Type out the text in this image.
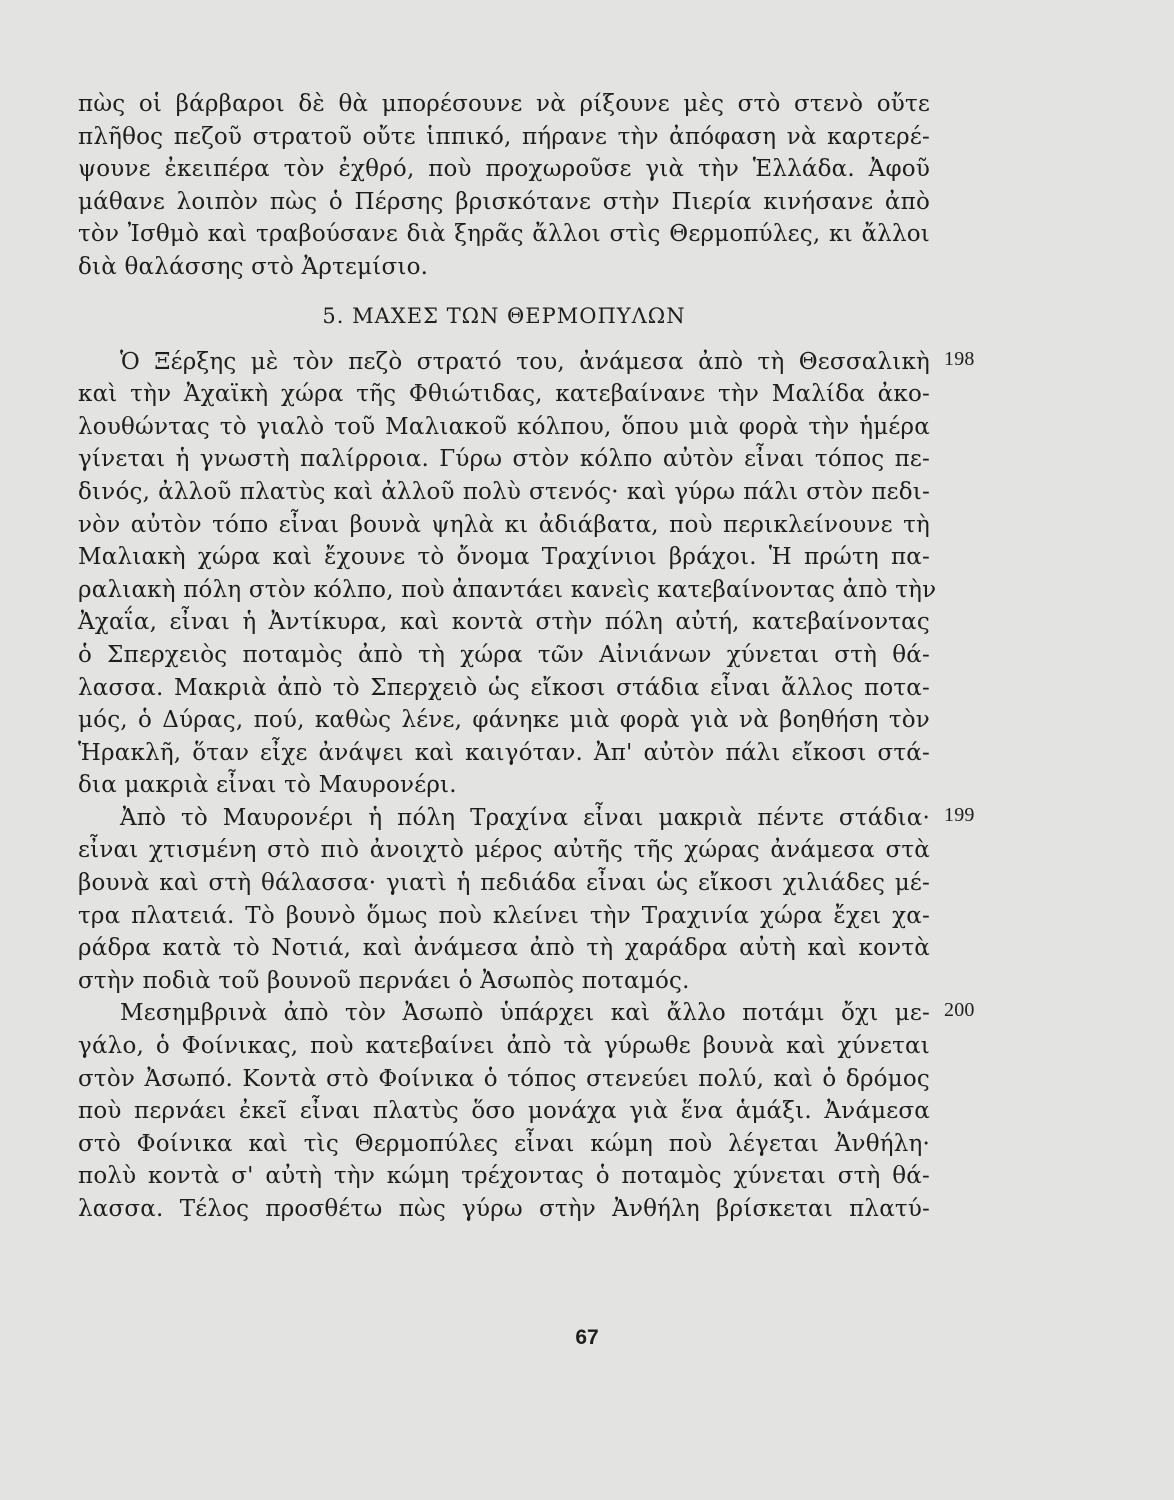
πὼς οἱ βάρβαροι δὲ θὰ μπορέσουνε νὰ ρίξουνε μὲς στὸ στενὸ οὔτε
πλῆθος πεζοῦ στρατοῦ οὔτε ἱππικό, πήρανε τὴν ἀπόφαση νὰ καρτερέ-
ψουνε ἐκειπέρα τὸν ἐχθρό, ποὺ προχωροῦσε γιὰ τὴν Ἑλλάδα. Ἀφοῦ
μάθανε λοιπὸν πὼς ὁ Πέρσης βρισκότανε στὴν Πιερία κινήσανε ἀπὸ
τὸν Ἰσθμὸ καὶ τραβούσανε διὰ ξηρᾶς ἄλλοι στὶς Θερμοπύλες, κι ἄλλοι
διὰ θαλάσσης στὸ Ἀρτεμίσιο.
5. ΜΑΧΕΣ ΤΩΝ ΘΕΡΜΟΠΥΛΩΝ
Ὁ Ξέρξης μὲ τὸν πεζὸ στρατό του, ἀνάμεσα ἀπὸ τὴ Θεσσαλικὴ
καὶ τὴν Ἀχαϊκὴ χώρα τῆς Φθιώτιδας, κατεβαίνανε τὴν Μαλίδα ἀκο-
λουθώντας τὸ γιαλὸ τοῦ Μαλιακοῦ κόλπου, ὅπου μιὰ φορὰ τὴν ἡμέρα
γίνεται ἡ γνωστὴ παλίρροια. Γύρω στὸν κόλπο αὐτὸν εἶναι τόπος πε-
δινός, ἀλλοῦ πλατὺς καὶ ἀλλοῦ πολὺ στενός· καὶ γύρω πάλι στὸν πεδι-
νὸν αὐτὸν τόπο εἶναι βουνὰ ψηλὰ κι ἀδιάβατα, ποὺ περικλείνουνε τὴ
Μαλιακὴ χώρα καὶ ἔχουνε τὸ ὄνομα Τραχίνιοι βράχοι. Ἡ πρώτη πα-
ραλιακὴ πόλη στὸν κόλπο, ποὺ ἀπαντάει κανεὶς κατεβαίνοντας ἀπὸ τὴν
Ἀχαΐα, εἶναι ἡ Ἀντίκυρα, καὶ κοντὰ στὴν πόλη αὐτή, κατεβαίνοντας
ὁ Σπερχειὸς ποταμὸς ἀπὸ τὴ χώρα τῶν Αἰνιάνων χύνεται στὴ θά-
λασσα. Μακριὰ ἀπὸ τὸ Σπερχειὸ ὡς εἴκοσι στάδια εἶναι ἄλλος ποτα-
μός, ὁ Δύρας, πού, καθὼς λένε, φάνηκε μιὰ φορὰ γιὰ νὰ βοηθήση τὸν
Ἡρακλῆ, ὅταν εἶχε ἀνάψει καὶ καιγόταν. Ἀπ' αὐτὸν πάλι εἴκοσι στά-
δια μακριὰ εἶναι τὸ Μαυρονέρι.
198
Ἀπὸ τὸ Μαυρονέρι ἡ πόλη Τραχίνα εἶναι μακριὰ πέντε στάδια·
εἶναι χτισμένη στὸ πιὸ ἀνοιχτὸ μέρος αὐτῆς τῆς χώρας ἀνάμεσα στὰ
βουνὰ καὶ στὴ θάλασσα· γιατὶ ἡ πεδιάδα εἶναι ὡς εἴκοσι χιλιάδες μέ-
τρα πλατειά. Τὸ βουνὸ ὅμως ποὺ κλείνει τὴν Τραχινία χώρα ἔχει χα-
ράδρα κατὰ τὸ Νοτιά, καὶ ἀνάμεσα ἀπὸ τὴ χαράδρα αὐτὴ καὶ κοντὰ
στὴν ποδιὰ τοῦ βουνοῦ περνάει ὁ Ἀσωπὸς ποταμός.
199
Μεσημβρινὰ ἀπὸ τὸν Ἀσωπὸ ὑπάρχει καὶ ἄλλο ποτάμι ὄχι με-
γάλο, ὁ Φοίνικας, ποὺ κατεβαίνει ἀπὸ τὰ γύρωθε βουνὰ καὶ χύνεται
στὸν Ἀσωπό. Κοντὰ στὸ Φοίνικα ὁ τόπος στενεύει πολύ, καὶ ὁ δρόμος
ποὺ περνάει ἐκεῖ εἶναι πλατὺς ὅσο μονάχα γιὰ ἕνα ἁμάξι. Ἀνάμεσα
στὸ Φοίνικα καὶ τὶς Θερμοπύλες εἶναι κώμη ποὺ λέγεται Ἀνθήλη·
πολὺ κοντὰ σ' αὐτὴ τὴν κώμη τρέχοντας ὁ ποταμὸς χύνεται στὴ θά-
λασσα. Τέλος προσθέτω πὼς γύρω στὴν Ἀνθήλη βρίσκεται πλατύ-
200
67
